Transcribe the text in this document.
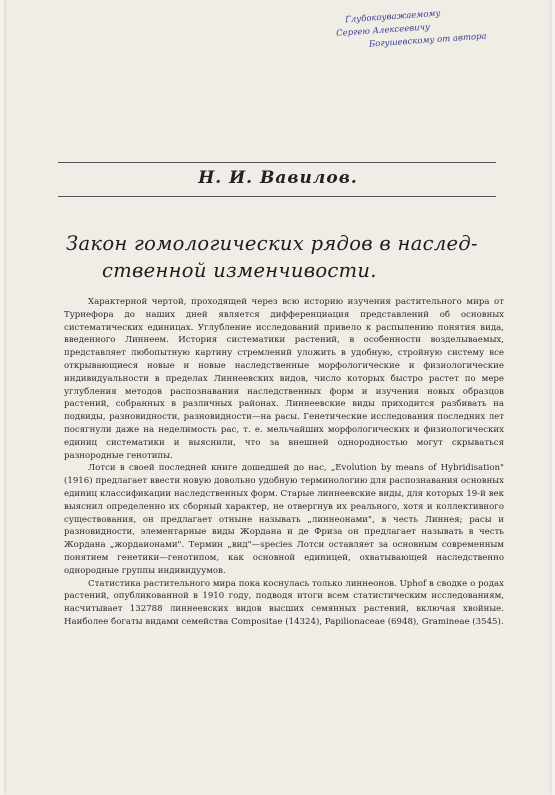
Глубокоуважаемому
Сергею Алексеевичу
Богушевскому от автора
Н. И. Вавилов.
Закон гомологических рядов в наслед-
ственной изменчивости.

Характерной чертой, проходящей через всю историю изучения растительного мира от Турнефора до наших дней является дифференциация представлений об основных систематических единицах. Углубление исследований привело к распылению понятия вида, введенного Линнеем. История систематики растений, в особенности возделываемых, представляет любопытную картину стремлений уложить в удобную, стройную систему все открывающиеся новые и новые наследственные морфологические и физиологические индивидуальности в пределах Линнеевских видов, число которых быстро растет по мере углубления методов распознавания наследственных форм и изучения новых образцов растений, собранных в различных районах. Линнеевские виды приходится разбивать на подвиды, разновидности, разновидности—на расы. Генетические исследования последних лет посягнули даже на неделимость рас, т. е. мельчайших морфологических и физиологических единиц систематики и выяснили, что за внешней однородностью могут скрываться разнородные генотипы.

Лотси в своей последней книге дошедшей до нас, „Evolution by means of Hybridisation" (1916) предлагает ввести новую довольно удобную терминологию для распознавания основных единиц классификации наследственных форм. Старые линнеевские виды, для которых 19-й век выяснил определенно их сборный характер, не отвергнув их реального, хотя и коллективного существования, он предлагает отныне называть „линнеонами", в честь Линнея; расы и разновидности, элементарные виды Жордана и де Фриза он предлагает называть в честь Жордана „жордаионами". Термин „вид"—species Лотси оставляет за основным современным понятием генетики—генотипом, как основной единицей, охватывающей наследственно однородные группы индивидуумов.

Статистика растительного мира пока коснулась только линнеонов. Uphof в сводке о родах растений, опубликованной в 1910 году, подводя итоги всем статистическим исследованиям, насчитывает 132788 линнеевских видов высших семянных растений, включая хвойные. Наиболее богаты видами семейства Compositae (14324), Papilionaceae (6948), Gramineae (3545).
